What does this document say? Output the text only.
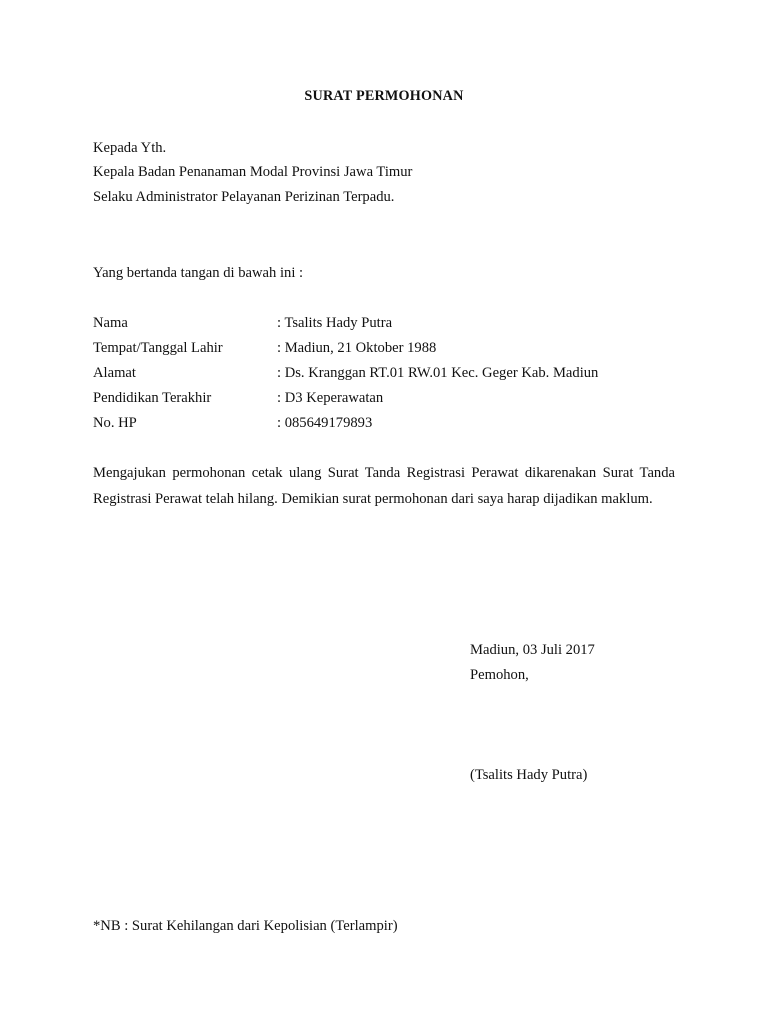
SURAT PERMOHONAN
Kepada Yth.
Kepala Badan Penanaman Modal Provinsi Jawa Timur
Selaku Administrator Pelayanan Perizinan Terpadu.
Yang bertanda tangan di bawah ini :
Nama	: Tsalits Hady Putra
Tempat/Tanggal Lahir	: Madiun, 21 Oktober 1988
Alamat	: Ds. Kranggan RT.01 RW.01 Kec. Geger Kab. Madiun
Pendidikan Terakhir	: D3 Keperawatan
No. HP	: 085649179893
Mengajukan permohonan cetak ulang Surat Tanda Registrasi Perawat dikarenakan Surat Tanda Registrasi Perawat telah hilang. Demikian surat permohonan dari saya harap dijadikan maklum.
Madiun, 03 Juli 2017
Pemohon,
(Tsalits Hady Putra)
*NB : Surat Kehilangan dari Kepolisian (Terlampir)
